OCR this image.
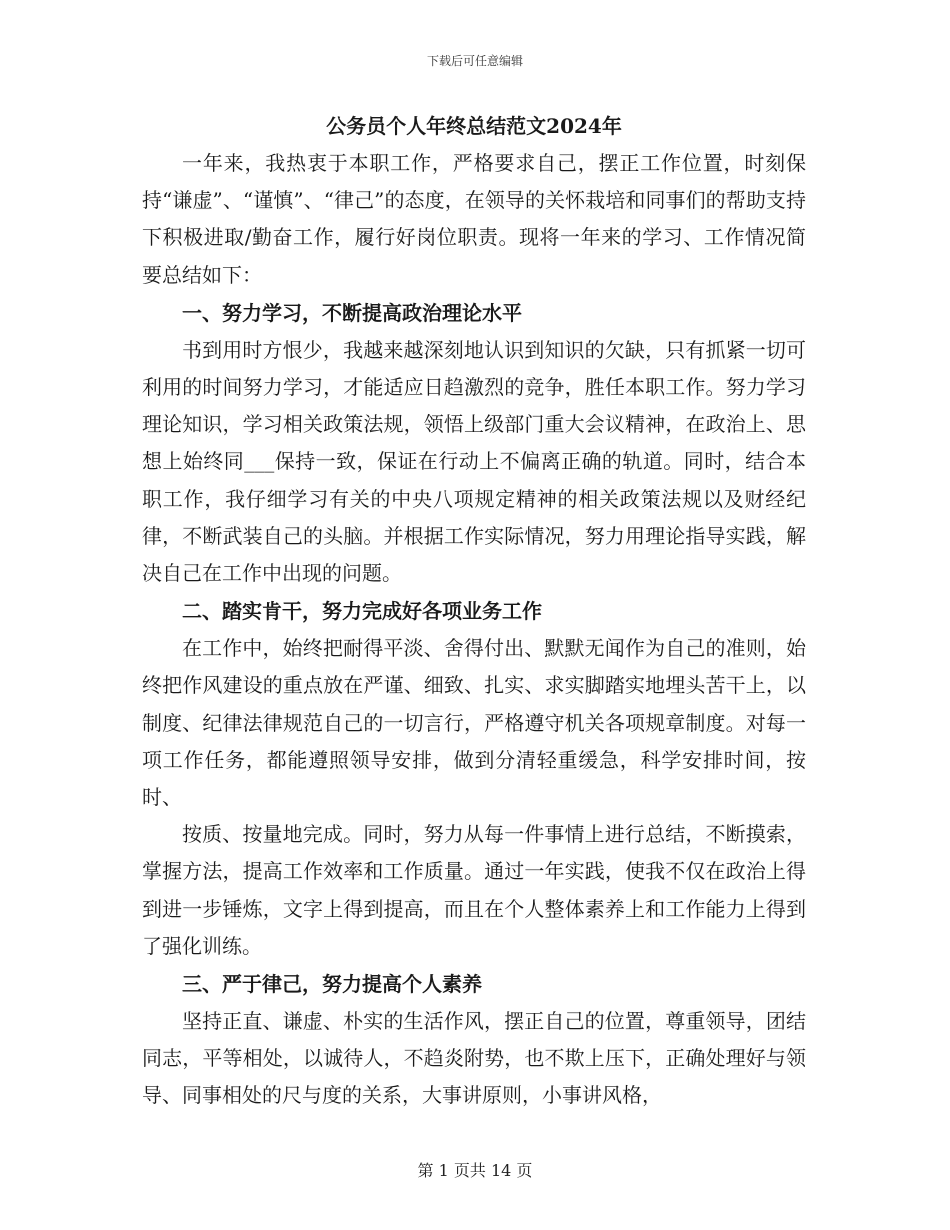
下载后可任意编辑

公务员个人年终总结范文2024年

一年来，我热衷于本职工作，严格要求自己，摆正工作位置，时刻保持“谦虚”、“谨慎”、“律己”的态度，在领导的关怀栽培和同事们的帮助支持下积极进取/勤奋工作，履行好岗位职责。现将一年来的学习、工作情况简要总结如下：

一、努力学习，不断提高政治理论水平

书到用时方恨少，我越来越深刻地认识到知识的欠缺，只有抓紧一切可利用的时间努力学习，才能适应日趋激烈的竞争，胜任本职工作。努力学习理论知识，学习相关政策法规，领悟上级部门重大会议精神，在政治上、思想上始终同___保持一致，保证在行动上不偏离正确的轨道。同时，结合本职工作，我仔细学习有关的中央八项规定精神的相关政策法规以及财经纪律，不断武装自己的头脑。并根据工作实际情况，努力用理论指导实践，解决自己在工作中出现的问题。

二、踏实肯干，努力完成好各项业务工作

在工作中，始终把耐得平淡、舍得付出、默默无闻作为自己的准则，始终把作风建设的重点放在严谨、细致、扎实、求实脚踏实地埋头苦干上，以制度、纪律法律规范自己的一切言行，严格遵守机关各项规章制度。对每一项工作任务，都能遵照领导安排，做到分清轻重缓急，科学安排时间，按时、

按质、按量地完成。同时，努力从每一件事情上进行总结，不断摸索，掌握方法，提高工作效率和工作质量。通过一年实践，使我不仅在政治上得到进一步锤炼，文字上得到提高，而且在个人整体素养上和工作能力上得到了强化训练。

三、严于律己，努力提高个人素养

坚持正直、谦虚、朴实的生活作风，摆正自己的位置，尊重领导，团结同志，平等相处，以诚待人，不趋炎附势，也不欺上压下，正确处理好与领导、同事相处的尺与度的关系，大事讲原则，小事讲风格，

第 1 页共 14 页
